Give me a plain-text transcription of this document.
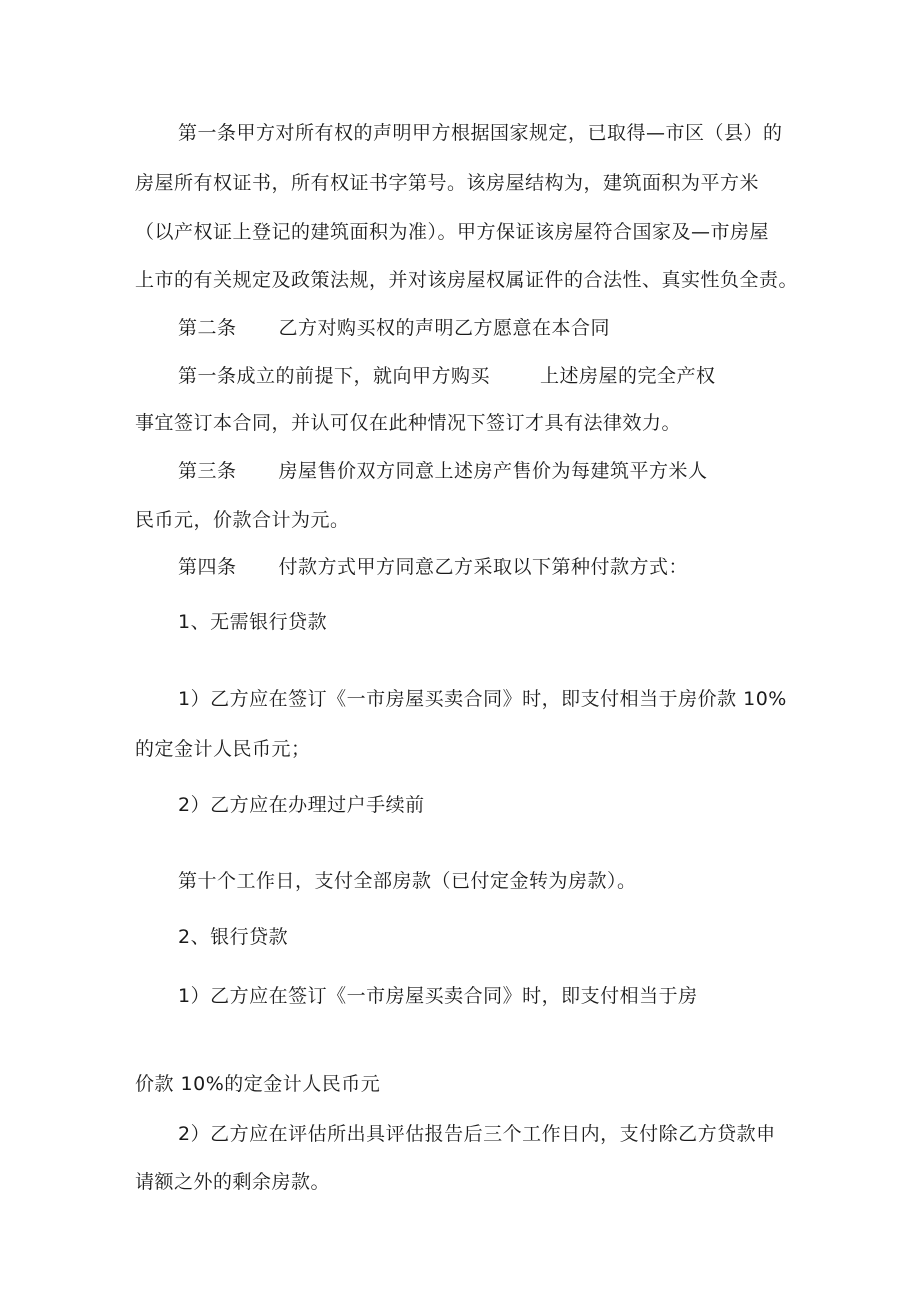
第一条甲方对所有权的声明甲方根据国家规定，已取得—市区（县）的
房屋所有权证书，所有权证书字第号。该房屋结构为，建筑面积为平方米
（以产权证上登记的建筑面积为准）。甲方保证该房屋符合国家及—市房屋
上市的有关规定及政策法规，并对该房屋权属证件的合法性、真实性负全责。
第二条 乙方对购买权的声明乙方愿意在本合同
第一条成立的前提下，就向甲方购买	上述房屋的完全产权
事宜签订本合同，并认可仅在此种情况下签订才具有法律效力。
第三条 房屋售价双方同意上述房产售价为每建筑平方米人
民币元，价款合计为元。
第四条 付款方式甲方同意乙方采取以下第种付款方式：
1、无需银行贷款
1）乙方应在签订《一市房屋买卖合同》时，即支付相当于房价款 10%
的定金计人民币元；
2）乙方应在办理过户手续前
第十个工作日，支付全部房款（已付定金转为房款）。
2、银行贷款
1）乙方应在签订《一市房屋买卖合同》时，即支付相当于房
价款 10%的定金计人民币元
2）乙方应在评估所出具评估报告后三个工作日内，支付除乙方贷款申
请额之外的剩余房款。
